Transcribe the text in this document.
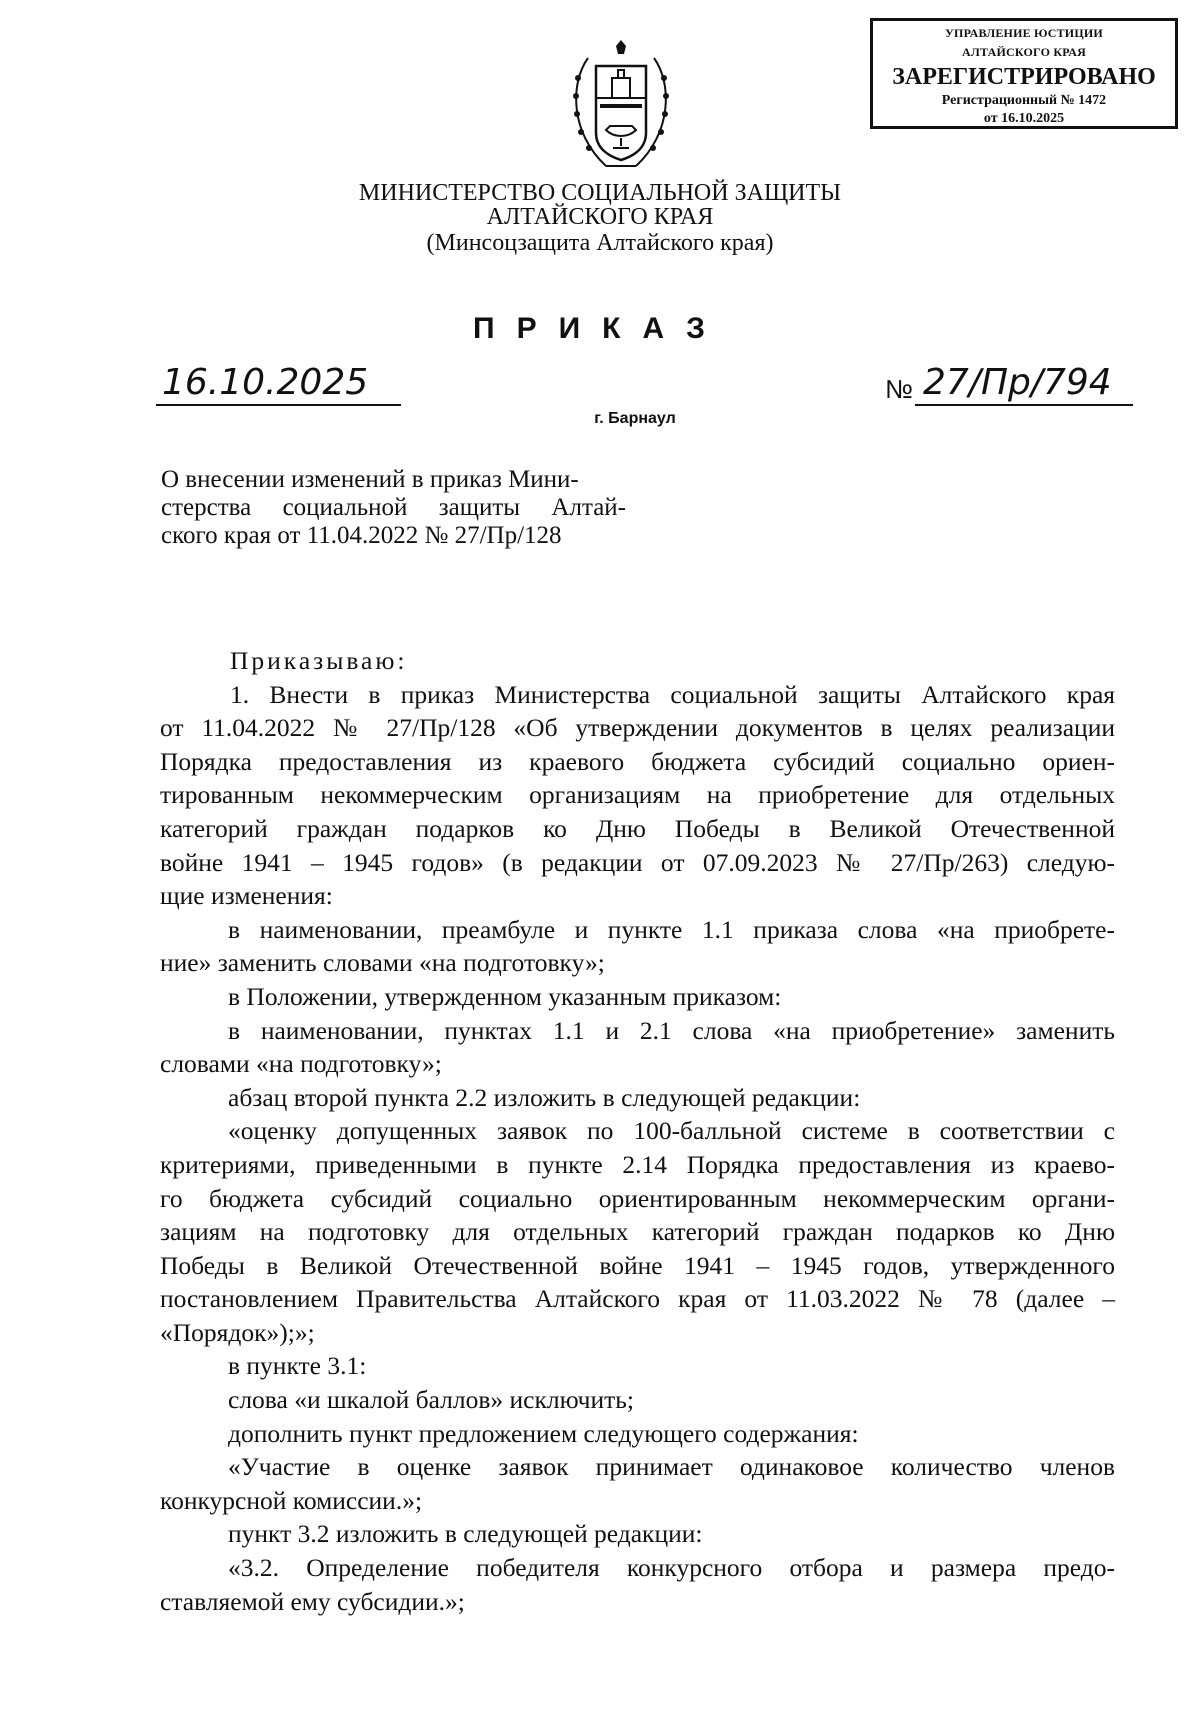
УПРАВЛЕНИЕ ЮСТИЦИИ
АЛТАЙСКОГО КРАЯ
ЗАРЕГИСТРИРОВАНО
Регистрационный № 1472
от 16.10.2025
МИНИСТЕРСТВО СОЦИАЛЬНОЙ ЗАЩИТЫ
АЛТАЙСКОГО КРАЯ
(Минсоцзащита Алтайского края)
ПРИКАЗ
16.10.2025	№ 27/Пр/794
г. Барнаул
О внесении изменений в приказ Мини-
стерства социальной защиты Алтай-
ского края от 11.04.2022 № 27/Пр/128
Приказываю:
1. Внести в приказ Министерства социальной защиты Алтайского края
от 11.04.2022 № 27/Пр/128 «Об утверждении документов в целях реализации
Порядка предоставления из краевого бюджета субсидий социально ориен-
тированным некоммерческим организациям на приобретение для отдельных
категорий граждан подарков ко Дню Победы в Великой Отечественной
войне 1941 – 1945 годов» (в редакции от 07.09.2023 № 27/Пр/263) следую-
щие изменения:
в наименовании, преамбуле и пункте 1.1 приказа слова «на приобрете-
ние» заменить словами «на подготовку»;
в Положении, утвержденном указанным приказом:
в наименовании, пунктах 1.1 и 2.1 слова «на приобретение» заменить
словами «на подготовку»;
абзац второй пункта 2.2 изложить в следующей редакции:
«оценку допущенных заявок по 100-балльной системе в соответствии с
критериями, приведенными в пункте 2.14 Порядка предоставления из краево-
го бюджета субсидий социально ориентированным некоммерческим органи-
зациям на подготовку для отдельных категорий граждан подарков ко Дню
Победы в Великой Отечественной войне 1941 – 1945 годов, утвержденного
постановлением Правительства Алтайского края от 11.03.2022 № 78 (далее –
«Порядок»);»;
в пункте 3.1:
слова «и шкалой баллов» исключить;
дополнить пункт предложением следующего содержания:
«Участие в оценке заявок принимает одинаковое количество членов
конкурсной комиссии.»;
пункт 3.2 изложить в следующей редакции:
«3.2. Определение победителя конкурсного отбора и размера предо-
ставляемой ему субсидии.»;
